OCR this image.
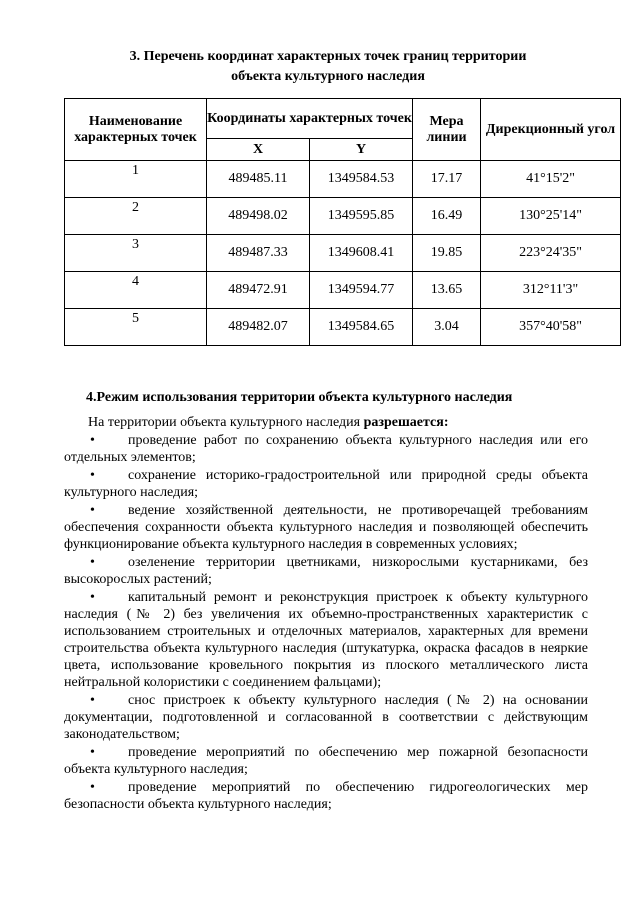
3. Перечень координат характерных точек границ территории
объекта культурного наследия
Наименование характерных точек	Координаты характерных точек		Мера линии	Дирекционный угол
	X	Y		
1	489485.11	1349584.53	17.17	41°15'2"
2	489498.02	1349595.85	16.49	130°25'14"
3	489487.33	1349608.41	19.85	223°24'35"
4	489472.91	1349594.77	13.65	312°11'3"
5	489482.07	1349584.65	3.04	357°40'58"
4.Режим использования территории объекта культурного наследия

На территории объекта культурного наследия разрешается:

• проведение работ по сохранению объекта культурного наследия или его отдельных элементов;
• сохранение историко-градостроительной или природной среды объекта культурного наследия;
• ведение хозяйственной деятельности, не противоречащей требованиям обеспечения сохранности объекта культурного наследия и позволяющей обеспечить функционирование объекта культурного наследия в современных условиях;
• озеленение территории цветниками, низкорослыми кустарниками, без высокорослых растений;
• капитальный ремонт и реконструкция пристроек к объекту культурного наследия (№ 2) без увеличения их объемно-пространственных характеристик с использованием строительных и отделочных материалов, характерных для времени строительства объекта культурного наследия (штукатурка, окраска фасадов в неяркие цвета, использование кровельного покрытия из плоского металлического листа нейтральной колористики с соединением фальцами);
• снос пристроек к объекту культурного наследия (№ 2) на основании документации, подготовленной и согласованной в соответствии с действующим законодательством;
• проведение мероприятий по обеспечению мер пожарной безопасности объекта культурного наследия;
• проведение мероприятий по обеспечению гидрогеологических мер безопасности объекта культурного наследия;
